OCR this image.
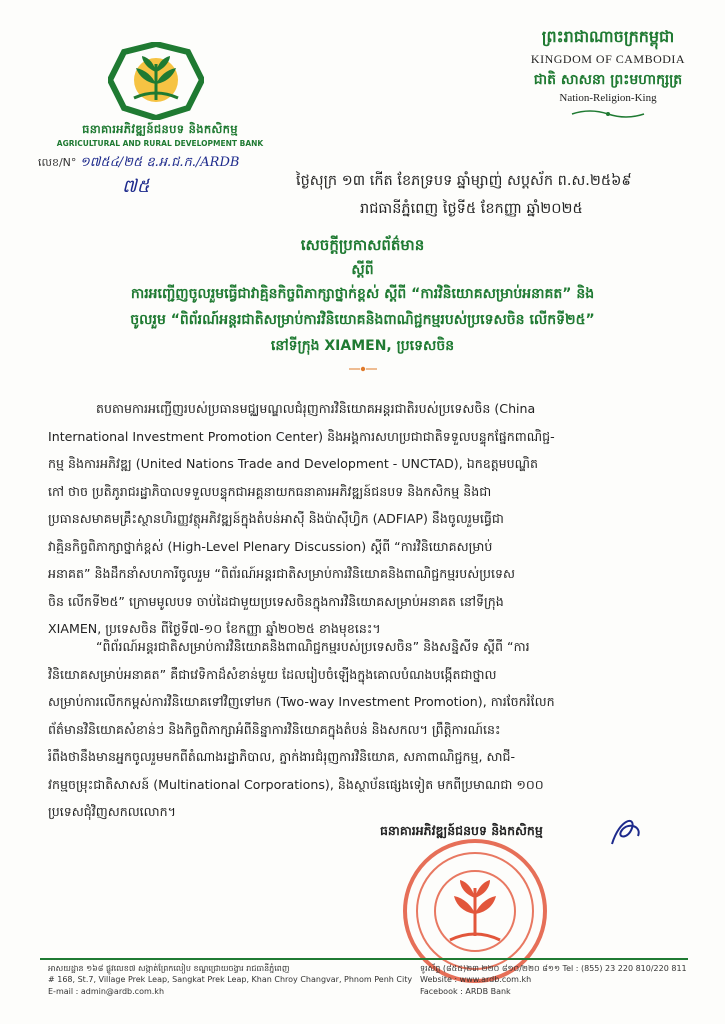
ធនាគារអភិវឌ្ឍន៍ជនបទ និងកសិកម្ម
AGRICULTURAL AND RURAL DEVELOPMENT BANK
លេខ/N° ១៧៥៤/២៥ ឧ.អ.ជ.ក./ARDB
៧៥
ព្រះរាជាណាចក្រកម្ពុជា
KINGDOM OF CAMBODIA
ជាតិ សាសនា ព្រះមហាក្សត្រ
Nation-Religion-King
ថ្ងៃសុក្រ ១៣ កើត ខែភទ្របទ ឆ្នាំម្សាញ់ សប្តស័ក ព.ស.២៥៦៩
រាជធានីភ្នំពេញ ថ្ងៃទី៥ ខែកញ្ញា ឆ្នាំ២០២៥
សេចក្តីប្រកាសព័ត៌មាន
ស្តីពី
ការអញ្ជើញចូលរួមធ្វើជាវាគ្មិនកិច្ចពិភាក្សាថ្នាក់ខ្ពស់ ស្តីពី “ការវិនិយោគសម្រាប់អនាគត” និង
ចូលរួម “ពិព័រណ៍អន្តរជាតិសម្រាប់ការវិនិយោគនិងពាណិជ្ជកម្មរបស់ប្រទេសចិន លើកទី២៥”
នៅទីក្រុង XIAMEN, ប្រទេសចិន
តបតាមការអញ្ជើញរបស់ប្រធានមជ្ឈមណ្ឌលជំរុញការវិនិយោគអន្តរជាតិរបស់ប្រទេសចិន (China
International Investment Promotion Center) និងអង្គការសហប្រជាជាតិទទួលបន្ទុកផ្នែកពាណិជ្ជ-
កម្ម និងការអភិវឌ្ឍ (United Nations Trade and Development - UNCTAD), ឯកឧត្តមបណ្ឌិត
កៅ ថាច ប្រតិភូរាជរដ្ឋាភិបាលទទួលបន្ទុកជាអគ្គនាយកធនាគារអភិវឌ្ឍន៍ជនបទ និងកសិកម្ម និងជា
ប្រធានសមាគមគ្រឹះស្ថានហិរញ្ញវត្ថុអភិវឌ្ឍន៍ក្នុងតំបន់អាស៊ី និងប៉ាស៊ីហ្វិក (ADFIAP) នឹងចូលរួមធ្វើជា
វាគ្មិនកិច្ចពិភាក្សាថ្នាក់ខ្ពស់ (High-Level Plenary Discussion) ស្តីពី “ការវិនិយោគសម្រាប់
អនាគត” និងដឹកនាំសហការីចូលរួម “ពិព័រណ៍អន្តរជាតិសម្រាប់ការវិនិយោគនិងពាណិជ្ជកម្មរបស់ប្រទេស
ចិន លើកទី២៥” ក្រោមមូលបទ ចាប់ដៃជាមួយប្រទេសចិនក្នុងការវិនិយោគសម្រាប់អនាគត នៅទីក្រុង
XIAMEN, ប្រទេសចិន ពីថ្ងៃទី៧-១០ ខែកញ្ញា ឆ្នាំ២០២៥ ខាងមុខនេះ។
“ពិព័រណ៍អន្តរជាតិសម្រាប់ការវិនិយោគនិងពាណិជ្ជកម្មរបស់ប្រទេសចិន” និងសន្និសីទ ស្តីពី “ការ
វិនិយោគសម្រាប់អនាគត” គឺជាវេទិកាដ៏សំខាន់មួយ ដែលរៀបចំឡើងក្នុងគោលបំណងបង្កើតជាថ្នាល
សម្រាប់ការលើកកម្ពស់ការវិនិយោគទៅវិញទៅមក (Two-way Investment Promotion), ការចែករំលែក
ព័ត៌មានវិនិយោគសំខាន់ៗ និងកិច្ចពិភាក្សាអំពីនិន្នាការវិនិយោគក្នុងតំបន់ និងសកល។ ព្រឹត្តិការណ៍នេះ
រំពឹងថានឹងមានអ្នកចូលរួមមកពីតំណាងរដ្ឋាភិបាល, ភ្នាក់ងារជំរុញការវិនិយោគ, សភាពាណិជ្ជកម្ម, សាជី-
វកម្មចម្រុះជាតិសាសន៍ (Multinational Corporations), និងស្ថាប័នផ្សេងទៀត មកពីប្រមាណជា ១០០
ប្រទេសជុំវិញសកលលោក។
ធនាគារអភិវឌ្ឍន៍ជនបទ និងកសិកម្ម
អាសយដ្ឋាន ១៦៨ ផ្លូវលេខ៧ សង្កាត់ព្រែកលៀប ខណ្ឌជ្រោយចង្វារ រាជធានីភ្នំពេញ
# 168, St.7, Village Prek Leap, Sangkat Prek Leap, Khan Chroy Changvar, Phnom Penh City
E-mail : admin@ardb.com.kh
ទូរស័ព្ទ (៨៥៥)២៣ ២២០ ៨១០/២២០ ៨១១ Tel : (855) 23 220 810/220 811
Website : www.ardb.com.kh
Facebook : ARDB Bank
